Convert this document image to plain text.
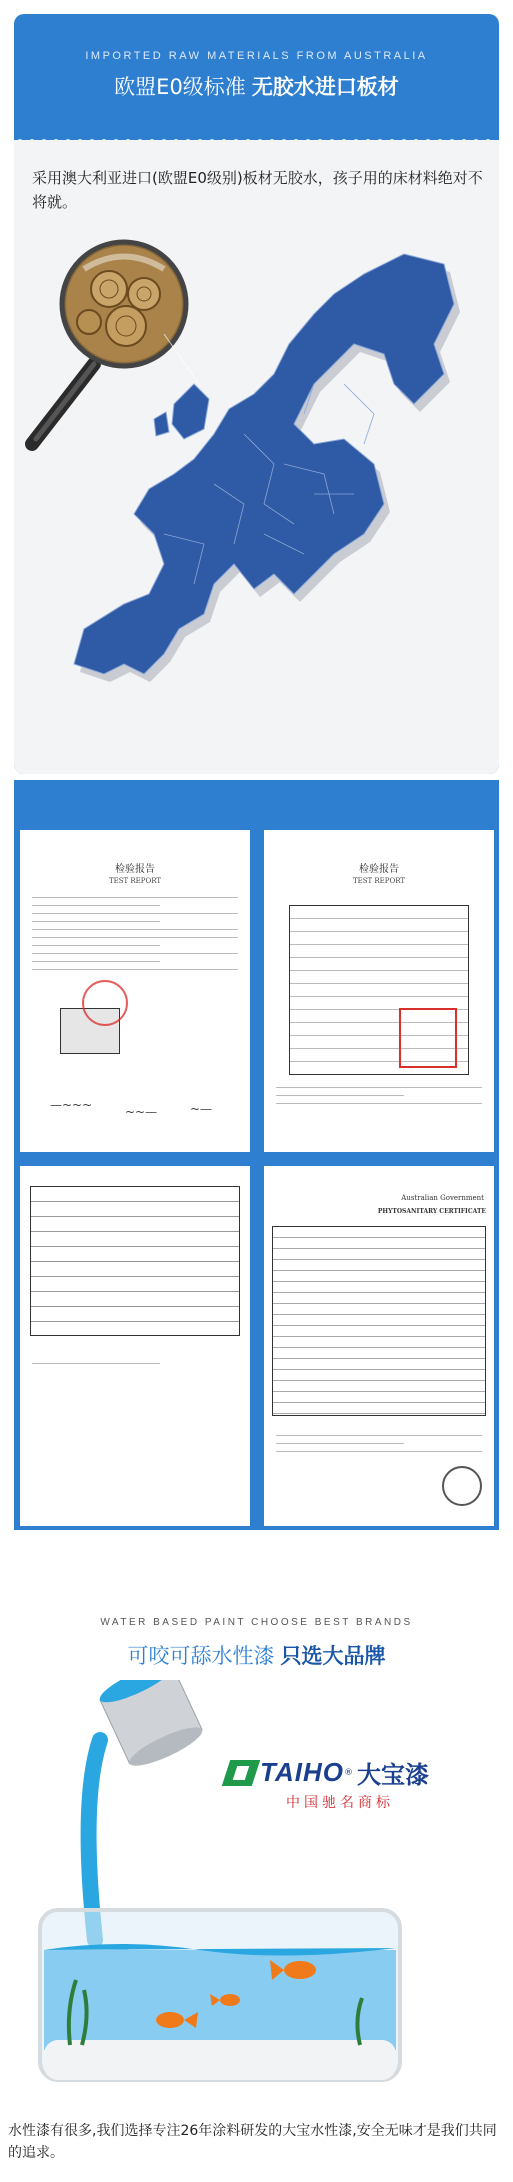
IMPORTED RAW MATERIALS FROM AUSTRALIA
欧盟E0级标准 无胶水进口板材
采用澳大利亚进口(欧盟E0级别)板材无胶水，孩子用的床材料绝对不将就。
检验报告
TEST REPORT
—~~~	~~—	~—
检验报告
TEST REPORT
Australian Government
PHYTOSANITARY CERTIFICATE
WATER BASED PAINT CHOOSE BEST BRANDS
可咬可舔水性漆 只选大品牌
TAIHO ® 大宝漆
中国驰名商标
水性漆有很多,我们选择专注26年涂料研发的大宝水性漆,安全无味才是我们共同的追求。
